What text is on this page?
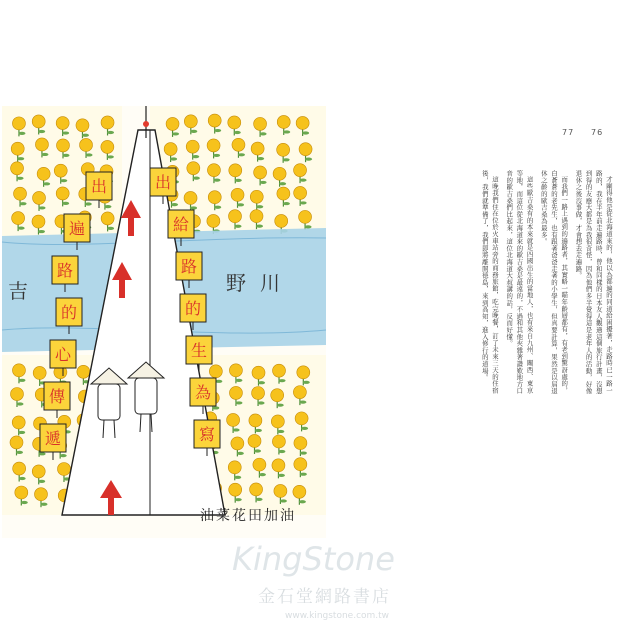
吉	野川
出
遍
路
的
心
傳
遞
出
給
路
的
生
為
寫
油菜花田加油
77 76

才剛得他是從北海道來的，他以為都遍的同道給困擾著，走路時已一路一路的，我在半年前走遍路時，曾和同樣的日本友人觀過這個旅行計畫，沒想到得的友應大都是為我很奇怪，因為他們多半覺得這是老年人的活動，好像退休之後沒事做，才會想去走遍路。

而我們一路上遇到的遍路者，其實略一瞄年齡層都有，有老到驚訝處的，白蒼蒼的老先生，也有跟著爸爸走著的小學生，但真要計算，果然是以屆退休之齡的歐吉桑為最多。

這些歐吉桑有的本來就是四國出生的當地人，也有來自九州、關西、東京等地，而這位從北海道來的歐吉桑是最遠的，不過和其他夾雜著讚歎地方口音的歐吉桑們比起來，這位北海道大叔講的話，反而好懂。

這晚我們住在位於火車站旁的商務旅館，吃完晚餐，訂了未來三天的住宿後，我們就準備了，我們即將離開德島，來到高知，進入修行的道場。

KingStone
金石堂網路書店
www.kingstone.com.tw
